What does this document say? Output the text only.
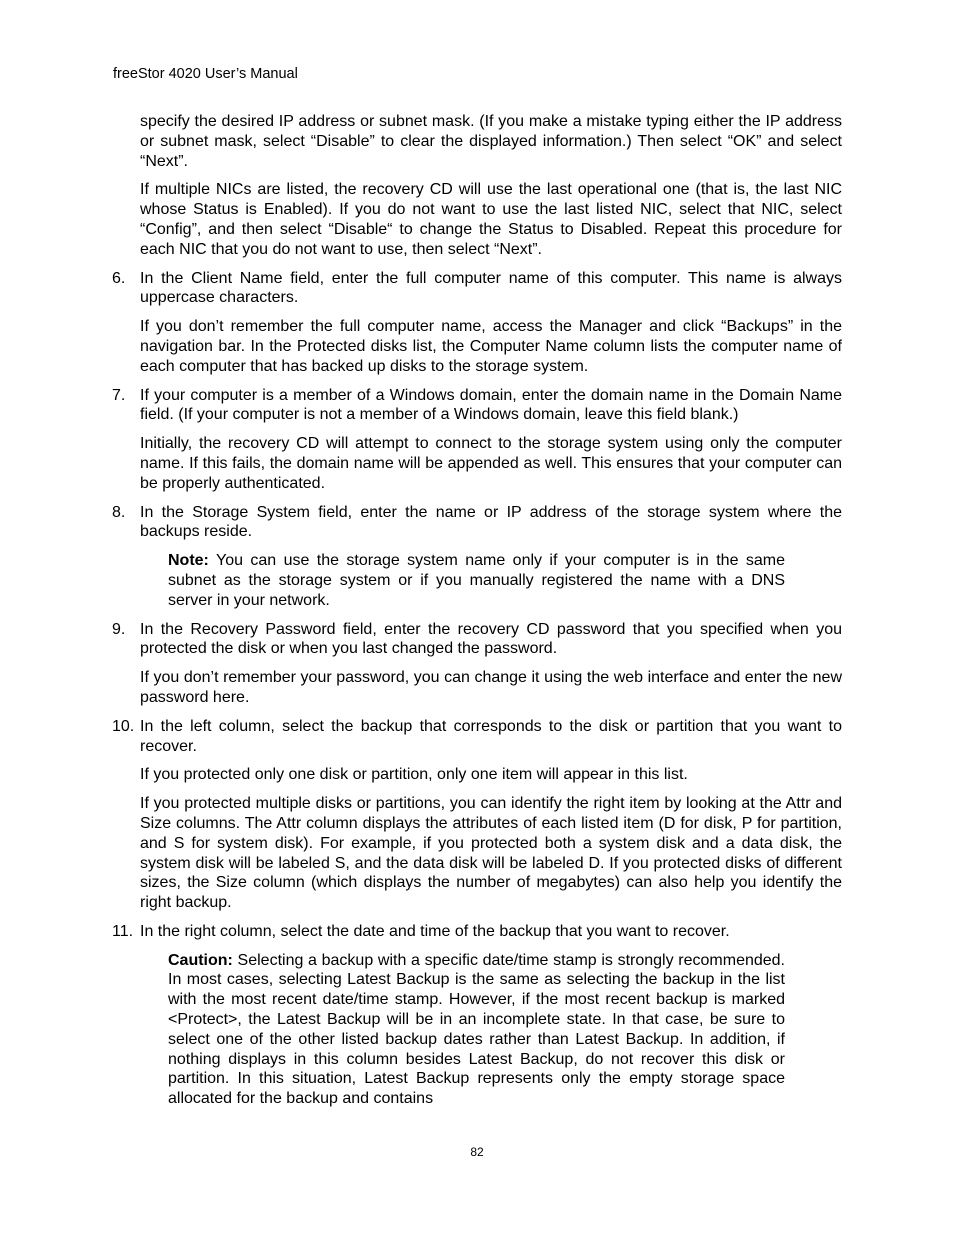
freeStor 4020 User’s Manual

specify the desired IP address or subnet mask. (If you make a mistake typing either the IP address or subnet mask, select “Disable” to clear the displayed information.) Then select “OK” and select “Next”.

If multiple NICs are listed, the recovery CD will use the last operational one (that is, the last NIC whose Status is Enabled). If you do not want to use the last listed NIC, select that NIC, select “Config”, and then select “Disable“ to change the Status to Disabled. Repeat this procedure for each NIC that you do not want to use, then select “Next”.

6. In the Client Name field, enter the full computer name of this computer. This name is always uppercase characters.

If you don’t remember the full computer name, access the Manager and click “Backups” in the navigation bar. In the Protected disks list, the Computer Name column lists the computer name of each computer that has backed up disks to the storage system.

7. If your computer is a member of a Windows domain, enter the domain name in the Domain Name field. (If your computer is not a member of a Windows domain, leave this field blank.)

Initially, the recovery CD will attempt to connect to the storage system using only the computer name. If this fails, the domain name will be appended as well. This ensures that your computer can be properly authenticated.

8. In the Storage System field, enter the name or IP address of the storage system where the backups reside.

Note: You can use the storage system name only if your computer is in the same subnet as the storage system or if you manually registered the name with a DNS server in your network.

9. In the Recovery Password field, enter the recovery CD password that you specified when you protected the disk or when you last changed the password.

If you don’t remember your password, you can change it using the web interface and enter the new password here.

10. In the left column, select the backup that corresponds to the disk or partition that you want to recover.

If you protected only one disk or partition, only one item will appear in this list.

If you protected multiple disks or partitions, you can identify the right item by looking at the Attr and Size columns. The Attr column displays the attributes of each listed item (D for disk, P for partition, and S for system disk). For example, if you protected both a system disk and a data disk, the system disk will be labeled S, and the data disk will be labeled D. If you protected disks of different sizes, the Size column (which displays the number of megabytes) can also help you identify the right backup.

11. In the right column, select the date and time of the backup that you want to recover.

Caution: Selecting a backup with a specific date/time stamp is strongly recommended. In most cases, selecting Latest Backup is the same as selecting the backup in the list with the most recent date/time stamp. However, if the most recent backup is marked <Protect>, the Latest Backup will be in an incomplete state. In that case, be sure to select one of the other listed backup dates rather than Latest Backup. In addition, if nothing displays in this column besides Latest Backup, do not recover this disk or partition. In this situation, Latest Backup represents only the empty storage space allocated for the backup and contains

82
